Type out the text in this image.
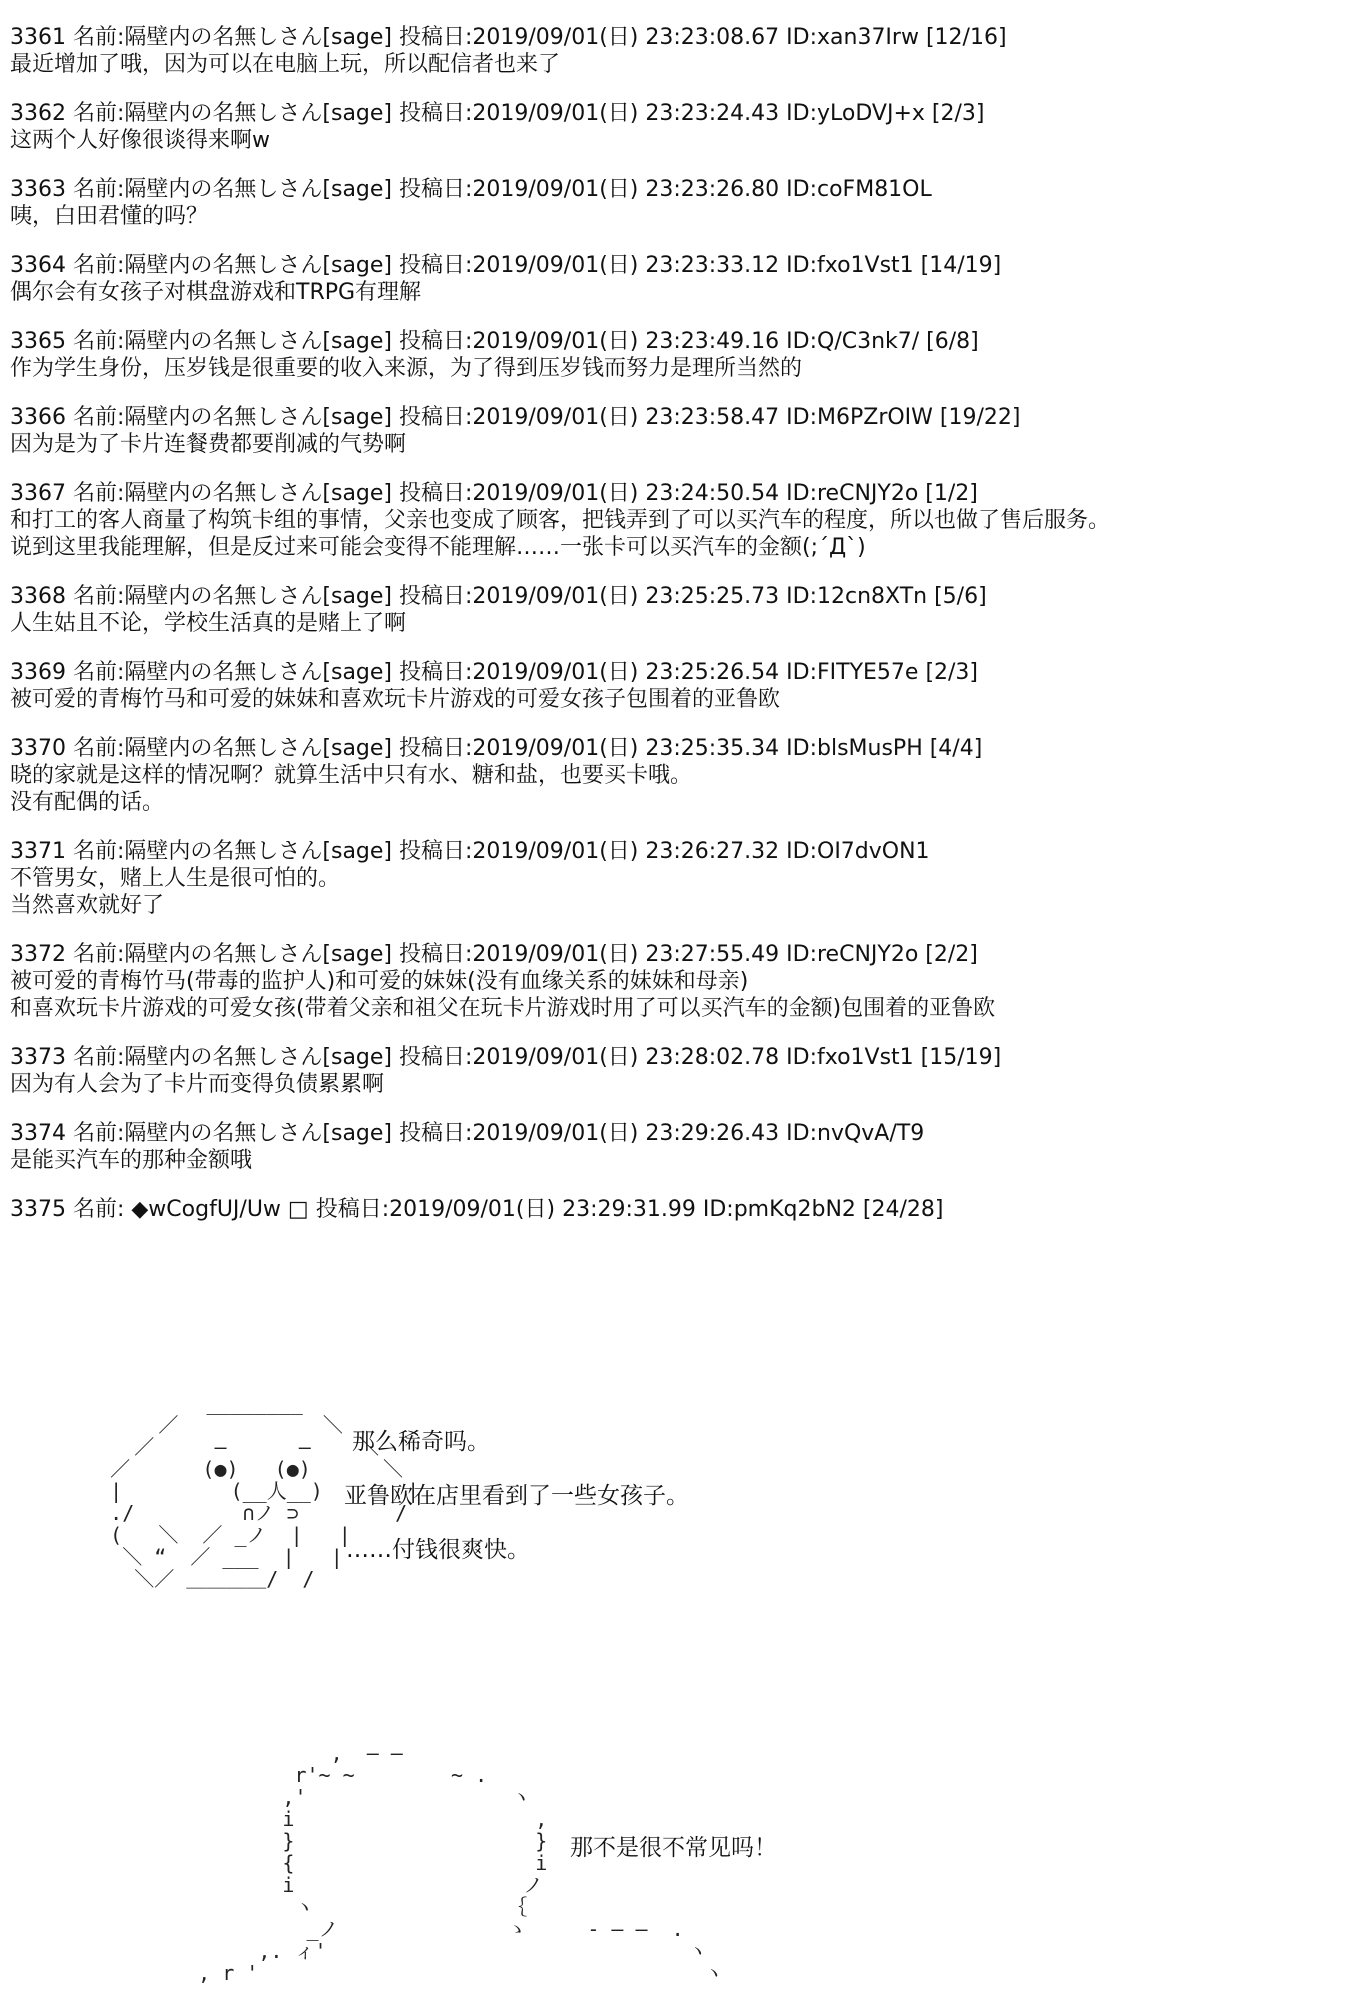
3361 名前:隔壁内の名無しさん[sage] 投稿日:2019/09/01(日) 23:23:08.67 ID:xan37Irw [12/16]
最近增加了哦，因为可以在电脑上玩，所以配信者也来了
3362 名前:隔壁内の名無しさん[sage] 投稿日:2019/09/01(日) 23:23:24.43 ID:yLoDVJ+x [2/3]
这两个人好像很谈得来啊w
3363 名前:隔壁内の名無しさん[sage] 投稿日:2019/09/01(日) 23:23:26.80 ID:coFM81OL
咦，白田君懂的吗？
3364 名前:隔壁内の名無しさん[sage] 投稿日:2019/09/01(日) 23:23:33.12 ID:fxo1Vst1 [14/19]
偶尔会有女孩子对棋盘游戏和TRPG有理解
3365 名前:隔壁内の名無しさん[sage] 投稿日:2019/09/01(日) 23:23:49.16 ID:Q/C3nk7/ [6/8]
作为学生身份，压岁钱是很重要的收入来源，为了得到压岁钱而努力是理所当然的
3366 名前:隔壁内の名無しさん[sage] 投稿日:2019/09/01(日) 23:23:58.47 ID:M6PZrOIW [19/22]
因为是为了卡片连餐费都要削减的气势啊
3367 名前:隔壁内の名無しさん[sage] 投稿日:2019/09/01(日) 23:24:50.54 ID:reCNJY2o [1/2]
和打工的客人商量了构筑卡组的事情，父亲也变成了顾客，把钱弄到了可以买汽车的程度，所以也做了售后服务。
说到这里我能理解，但是反过来可能会变得不能理解……一张卡可以买汽车的金额(;´Д`)
3368 名前:隔壁内の名無しさん[sage] 投稿日:2019/09/01(日) 23:25:25.73 ID:12cn8XTn [5/6]
人生姑且不论，学校生活真的是赌上了啊
3369 名前:隔壁内の名無しさん[sage] 投稿日:2019/09/01(日) 23:25:26.54 ID:FITYE57e [2/3]
被可爱的青梅竹马和可爱的妹妹和喜欢玩卡片游戏的可爱女孩子包围着的亚鲁欧
3370 名前:隔壁内の名無しさん[sage] 投稿日:2019/09/01(日) 23:25:35.34 ID:blsMusPH [4/4]
晓的家就是这样的情况啊？就算生活中只有水、糖和盐，也要买卡哦。
没有配偶的话。
3371 名前:隔壁内の名無しさん[sage] 投稿日:2019/09/01(日) 23:26:27.32 ID:OI7dvON1
不管男女，赌上人生是很可怕的。
当然喜欢就好了
3372 名前:隔壁内の名無しさん[sage] 投稿日:2019/09/01(日) 23:27:55.49 ID:reCNJY2o [2/2]
被可爱的青梅竹马(带毒的监护人)和可爱的妹妹(没有血缘关系的妹妹和母亲)
和喜欢玩卡片游戏的可爱女孩(带着父亲和祖父在玩卡片游戏时用了可以买汽车的金额)包围着的亚鲁欧
3373 名前:隔壁内の名無しさん[sage] 投稿日:2019/09/01(日) 23:28:02.78 ID:fxo1Vst1 [15/19]
因为有人会为了卡片而变得负债累累啊
3374 名前:隔壁内の名無しさん[sage] 投稿日:2019/09/01(日) 23:29:26.43 ID:nvQvA/T9
是能买汽车的那种金额哦
3375 名前: ◆wCogfUJ/Uw □ 投稿日:2019/09/01(日) 23:29:31.99 ID:pmKq2bN2 [24/28]
________
／            ＼
／     ―      ―    ＼
／      (●)   (●)      ＼
|         (__人__)       |
./         ∩ノ ⊃        /
(   ＼  ／ _ノ  |   |
＼ “  ／ ___  |   |
＼／ ＿＿＿＿/  /
那么稀奇吗。
亚鲁欧在店里看到了一些女孩子。
……付钱很爽快。
,  ― ―
r'~ ~        ~ .
,'                 ヽ
i                    ,
}                    }
{                    i
i                   ノ
ヽ                ｛
_ノ              ゝ     - ― ―  .
,. ィ'                              ヽ
, r '                                     ヽ
那不是很不常见吗！
